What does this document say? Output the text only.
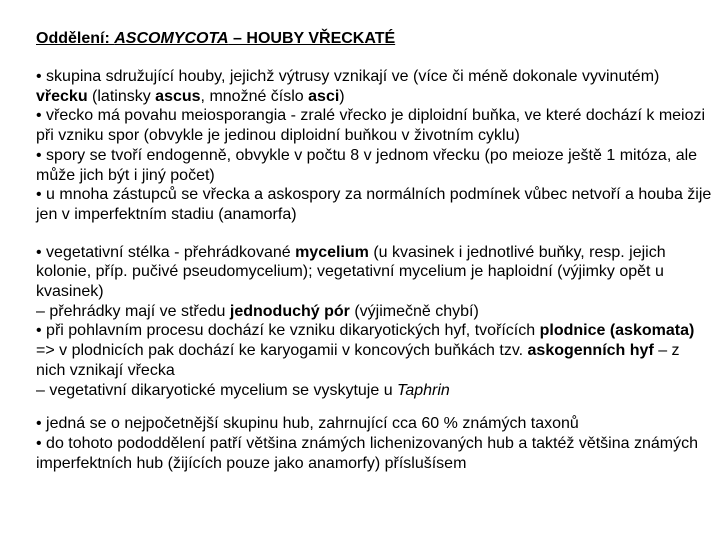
Oddělení: ASCOMYCOTA – HOUBY VŘECKATÉ

• skupina sdružující houby, jejichž výtrusy vznikají ve (více či méně dokonale vyvinutém) vřecku (latinsky ascus, množné číslo asci)

• vřecko má povahu meiosporangia - zralé vřecko je diploidní buňka, ve které dochází k meiozi při vzniku spor (obvykle je jedinou diploidní buňkou v životním cyklu)

• spory se tvoří endogenně, obvykle v počtu 8 v jednom vřecku (po meioze ještě 1 mitóza, ale může jich být i jiný počet)

• u mnoha zástupců se vřecka a askospory za normálních podmínek vůbec netvoří a houba žije jen v imperfektním stadiu (anamorfa)

• vegetativní stélka - přehrádkované mycelium (u kvasinek i jednotlivé buňky, resp. jejich kolonie, příp. pučivé pseudomycelium); vegetativní mycelium je haploidní (výjimky opět u kvasinek)

– přehrádky mají ve středu jednoduchý pór (výjimečně chybí)

• při pohlavním procesu dochází ke vzniku dikaryotických hyf, tvořících plodnice (askomata) => v plodnicích pak dochází ke karyogamii v koncových buňkách tzv. askogenních hyf – z nich vznikají vřecka

– vegetativní dikaryotické mycelium se vyskytuje u Taphrin

• jedná se o nejpočetnější skupinu hub, zahrnující cca 60 % známých taxonů

• do tohoto pododdělení patří většina známých lichenizovaných hub a taktéž většina známých imperfektních hub (žijících pouze jako anamorfy) příslušísem
